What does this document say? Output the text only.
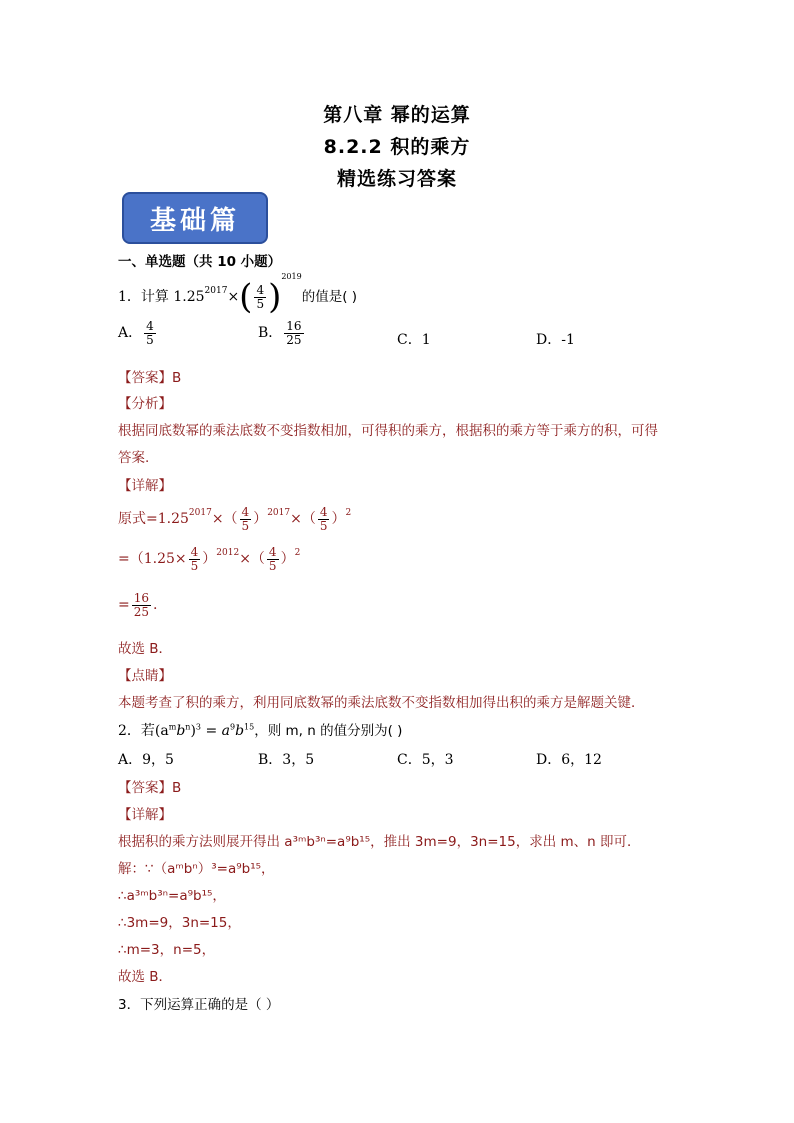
第八章 幂的运算
8.2.2 积的乘方
精选练习答案
基础篇
一、单选题（共 10 小题）
1．计算 $1.25^{2017}\times( \frac{4}{5} )^{2019}$的值是( )
A． $\frac{4}{5}$	B． $\frac{16}{25}$	C．1	D．-1
【答案】B
【分析】
根据同底数幂的乘法底数不变指数相加，可得积的乘方，根据积的乘方等于乘方的积，可得
答案.
【详解】
原式$=1.25^{2017}\times( \frac{4}{5} )^{2017}\times( \frac{4}{5} )^2$
$=(1.25\times \frac{4}{5} )^{2012}\times( \frac{4}{5} )^2$
= $\frac{16}{25}$ .
故选 B．
【点睛】
本题考查了积的乘方，利用同底数幂的乘法底数不变指数相加得出积的乘方是解题关键．
2．若$(a^mb^n)^3 = a^9b^{15}$，则 m, n 的值分别为( )
A．9，5	B．3，5	C．5，3	D．6，12
【答案】B
【详解】
根据积的乘方法则展开得出 a³ᵐb³ⁿ=a⁹b¹⁵，推出 3m=9，3n=15，求出 m、n 即可．
解：∵（aᵐbⁿ）³=a⁹b¹⁵，
∴a³ᵐb³ⁿ=a⁹b¹⁵，
∴3m=9，3n=15，
∴m=3，n=5，
故选 B．
3．下列运算正确的是（ ）
